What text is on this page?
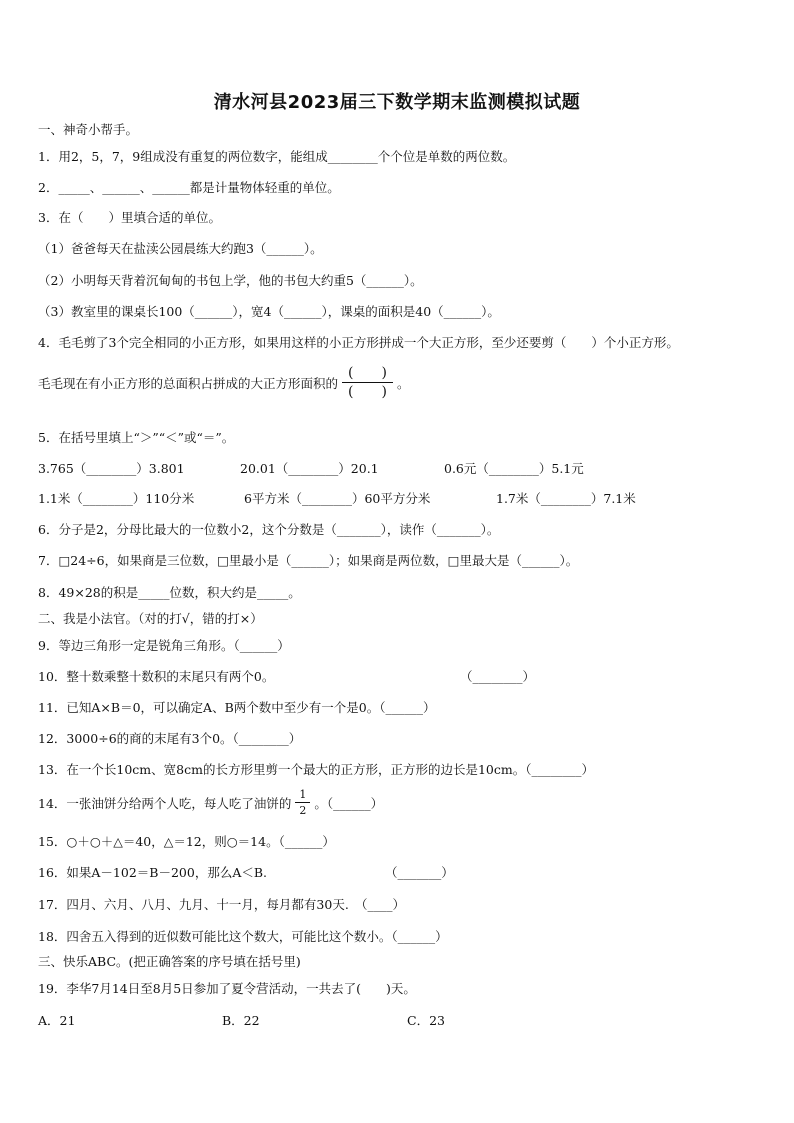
清水河县2023届三下数学期末监测模拟试题
一、神奇小帮手。
1．用2，5，7，9组成没有重复的两位数字，能组成________个个位是单数的两位数。
2．_____、______、______都是计量物体轻重的单位。
3．在（　　）里填合适的单位。
（1）爸爸每天在盐渎公园晨练大约跑3（______）。
（2）小明每天背着沉甸甸的书包上学，他的书包大约重5（______）。
（3）教室里的课桌长100（______），宽4（______），课桌的面积是40（______）。
4．毛毛剪了3个完全相同的小正方形，如果用这样的小正方形拼成一个大正方形，至少还要剪（　　）个小正方形。
毛毛现在有小正方形的总面积占拼成的大正方形面积的 $\frac{( )}{( )}$ 。
5．在括号里填上“＞”“＜”或“＝”。
3.765（________）3.801	20.01（________）20.1	0.6元（________）5.1元
1.1米（________）110分米	6平方米（________）60平方分米	1.7米（________）7.1米
6．分子是2，分母比最大的一位数小2，这个分数是（_______），读作（_______）。
7．□24÷6，如果商是三位数，□里最小是（______）；如果商是两位数，□里最大是（______）。
8．49×28的积是_____位数，积大约是_____。
二、我是小法官。（对的打√，错的打×）
9．等边三角形一定是锐角三角形。（______）
10．整十数乘整十数积的末尾只有两个0。	（________）
11．已知A×B＝0，可以确定A、B两个数中至少有一个是0。（______）
12．3000÷6的商的末尾有3个0。（________）
13．在一个长10cm、宽8cm的长方形里剪一个最大的正方形，正方形的边长是10cm。（________）
14．一张油饼分给两个人吃，每人吃了油饼的 $\frac{1}{2}$ 。（______）
15．○＋○＋△＝40，△＝12，则○＝14。（______）
16．如果A－102＝B－200，那么A＜B.	（_______）
17．四月、六月、八月、九月、十一月，每月都有30天.　（____）
18．四舍五入得到的近似数可能比这个数大，可能比这个数小。（______）
三、快乐ABC。(把正确答案的序号填在括号里)
19．李华7月14日至8月5日参加了夏令营活动，一共去了(　　)天。
A．21	B．22	C．23
